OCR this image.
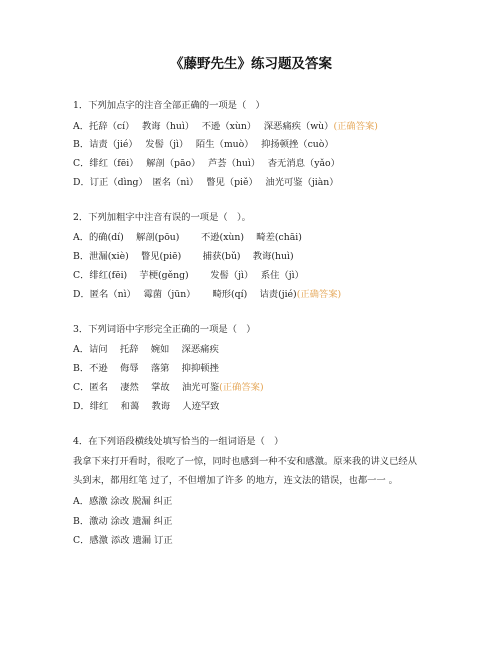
《藤野先生》练习题及答案
1．下列加点字的注音全部正确的一项是（　）
A．托辞（cí）　 教诲（huì）　 不逊（xùn）　 深恶痛疾（wù）(正确答案)
B．诘责（jié）　 发髻（jì）　 陌生（muò）　 抑扬顿挫（cuò）
C．绯红（fēi）　 解剖（pāo）　 芦荟（huì）　 杳无消息（yǎo）
D．订正（dìng）　匿名（nì）　 瞥见（piě）　 油光可鉴（jiàn）
2．下列加粗字中注音有误的一项是（　）。
A．的确(dí)　 解剖(pōu)　　 不逊(xùn)　 畸差(chāi)
B．泄漏(xiè)　 瞥见(piē)　　 捕获(bǔ)　 教诲(huì)
C．绯红(fēi)　 芋梗(gěng)　　 发髻（jì）　 系住（jì）
D．匿名（nì）　 霉菌（jūn）　　 畸形(qí)　 诘责(jié)(正确答案)
3．下列词语中字形完全正确的一项是（　）
A．诘问　 托辞　 婉如　 深恶痛疾
B．不逊　 侮辱　 落第　 抑抑顿挫
C．匿名　 凄然　 掌故　 油光可鉴(正确答案)
D．绯红　 和蔼　 教诲　 人迹罕致
4．在下列语段横线处填写恰当的一组词语是（　）
我拿下来打开看时，很吃了一惊，同时也感到一种不安和感激。原来我的讲义已经从
头到末，都用红笔 过了，不但增加了许多 的地方，连文法的错误，也都一一 。
A．感激 涂改 脱漏 纠正
B．激动 涂改 遗漏 纠正
C．感激 添改 遗漏 订正
